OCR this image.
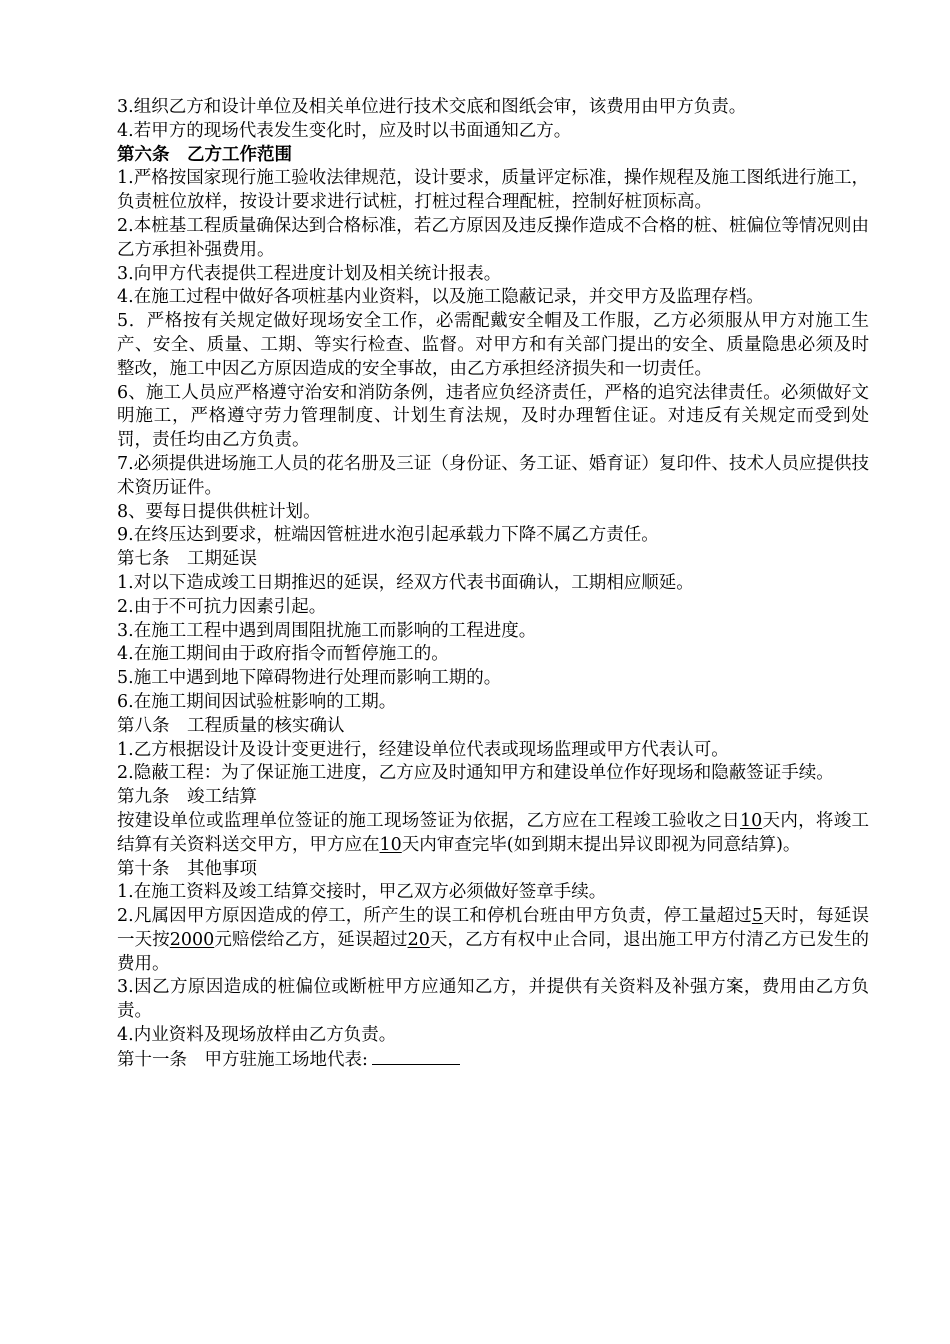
3.组织乙方和设计单位及相关单位进行技术交底和图纸会审，该费用由甲方负责。

4.若甲方的现场代表发生变化时，应及时以书面通知乙方。

第六条　乙方工作范围

1.严格按国家现行施工验收法律规范，设计要求，质量评定标准，操作规程及施工图纸进行施工，负责桩位放样，按设计要求进行试桩，打桩过程合理配桩，控制好桩顶标高。

2.本桩基工程质量确保达到合格标准，若乙方原因及违反操作造成不合格的桩、桩偏位等情况则由乙方承担补强费用。

3.向甲方代表提供工程进度计划及相关统计报表。

4.在施工过程中做好各项桩基内业资料，以及施工隐蔽记录，并交甲方及监理存档。

5．严格按有关规定做好现场安全工作，必需配戴安全帽及工作服，乙方必须服从甲方对施工生产、安全、质量、工期、等实行检查、监督。对甲方和有关部门提出的安全、质量隐患必须及时整改，施工中因乙方原因造成的安全事故，由乙方承担经济损失和一切责任。

6、施工人员应严格遵守治安和消防条例，违者应负经济责任，严格的追究法律责任。必须做好文明施工，严格遵守劳力管理制度、计划生育法规，及时办理暂住证。对违反有关规定而受到处罚，责任均由乙方负责。

7.必须提供进场施工人员的花名册及三证（身份证、务工证、婚育证）复印件、技术人员应提供技术资历证件。

8、要每日提供供桩计划。

9.在终压达到要求，桩端因管桩进水泡引起承载力下降不属乙方责任。

第七条　工期延误

1.对以下造成竣工日期推迟的延误，经双方代表书面确认，工期相应顺延。

2.由于不可抗力因素引起。

3.在施工工程中遇到周围阻扰施工而影响的工程进度。

4.在施工期间由于政府指令而暂停施工的。

5.施工中遇到地下障碍物进行处理而影响工期的。

6.在施工期间因试验桩影响的工期。

第八条　工程质量的核实确认

1.乙方根据设计及设计变更进行，经建设单位代表或现场监理或甲方代表认可。

2.隐蔽工程：为了保证施工进度，乙方应及时通知甲方和建设单位作好现场和隐蔽签证手续。

第九条　竣工结算

按建设单位或监理单位签证的施工现场签证为依据，乙方应在工程竣工验收之日10天内，将竣工结算有关资料送交甲方，甲方应在10天内审查完毕(如到期末提出异议即视为同意结算)。

第十条　其他事项

1.在施工资料及竣工结算交接时，甲乙双方必须做好签章手续。

2.凡属因甲方原因造成的停工，所产生的误工和停机台班由甲方负责，停工量超过5天时，每延误一天按2000元赔偿给乙方，延误超过20天，乙方有权中止合同，退出施工甲方付清乙方已发生的费用。

3.因乙方原因造成的桩偏位或断桩甲方应通知乙方，并提供有关资料及补强方案，费用由乙方负责。

4.内业资料及现场放样由乙方负责。

第十一条　甲方驻施工场地代表:
